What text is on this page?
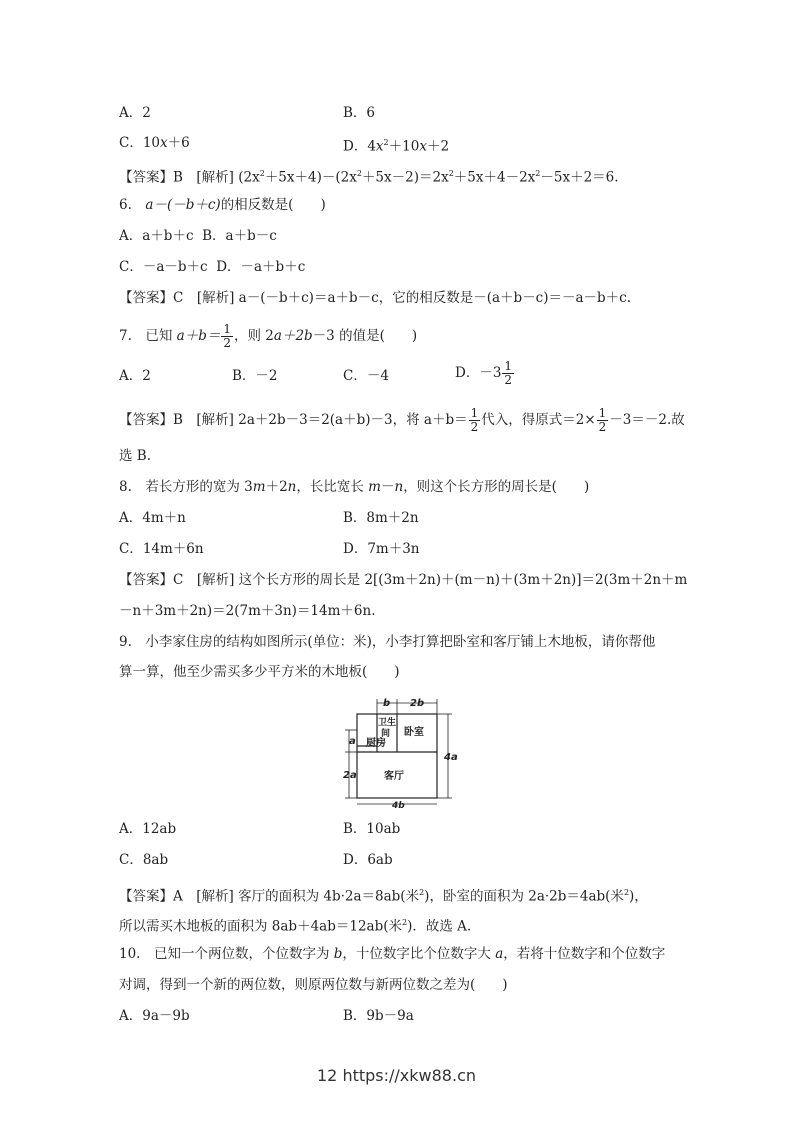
A．2	B．6
C．10x＋6	D．$4x^2+10x+2$
【答案】B　[解析] $(2x^2+5x+4)-(2x^2+5x-2)=2x^2+5x+4-2x^2-5x+2=6$.
6.　a－(－b＋c)的相反数是(　　)
A．a＋b＋c B．a＋b－c
C．－a－b＋c D．－a＋b＋c
【答案】C　[解析] a－(－b＋c)＝a＋b－c，它的相反数是－(a＋b－c)＝－a－b＋c.
7.　已知 $a+b= \frac{1}{2}$ ，则 2a＋2b－3 的值是(　　)
A．2	B．－2	C．－4	D．$-3 \frac{1}{2}$
【答案】B　[解析] 2a＋2b－3＝2(a＋b)－3，将 $a+b= \frac{1}{2}$ 代入，得原式$=2\times \frac{1}{2} -3=-2$.故
选 B.
8.　若长方形的宽为 3m＋2n，长比宽长 m－n，则这个长方形的周长是(　　)
A．4m＋n	B．8m＋2n
C．14m＋6n	D．7m＋3n
【答案】C　[解析] 这个长方形的周长是 2[(3m＋2n)＋(m－n)＋(3m＋2n)]＝2(3m＋2n＋m
－n＋3m＋2n)＝2(7m＋3n)＝14m＋6n.
9.　小李家住房的结构如图所示(单位：米)，小李打算把卧室和客厅铺上木地板，请你帮他
算一算，他至少需买多少平方米的木地板(　　)
b 2b
卫生
间 卧室
厨房
客厅
a
2a
4a
4b
A．12ab	B．10ab
C．8ab	D．6ab
【答案】A　[解析] 客厅的面积为 4b·2a＝8ab(米$^2$)，卧室的面积为 2a·2b＝4ab(米$^2$)，
所以需买木地板的面积为 8ab＋4ab＝12ab(米$^2$)．故选 A.
10.　已知一个两位数，个位数字为 b，十位数字比个位数字大 a，若将十位数字和个位数字
对调，得到一个新的两位数，则原两位数与新两位数之差为(　　)
A．9a－9b	B．9b－9a
12 https://xkw88.cn
